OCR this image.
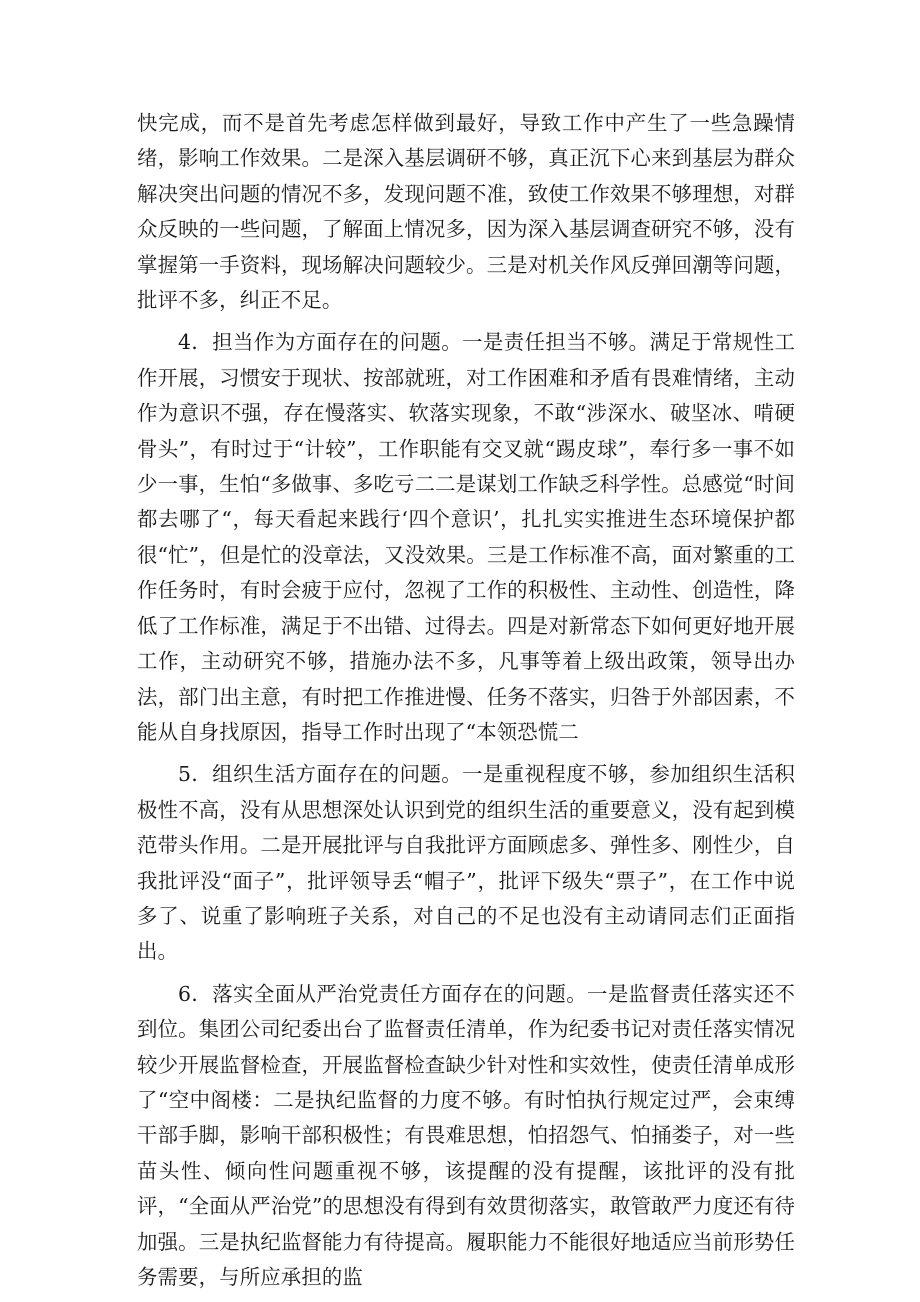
快完成，而不是首先考虑怎样做到最好，导致工作中产生了一些急躁情绪，影响工作效果。二是深入基层调研不够，真正沉下心来到基层为群众解决突出问题的情况不多，发现问题不准，致使工作效果不够理想，对群众反映的一些问题，了解面上情况多，因为深入基层调查研究不够，没有掌握第一手资料，现场解决问题较少。三是对机关作风反弹回潮等问题，批评不多，纠正不足。

4．担当作为方面存在的问题。一是责任担当不够。满足于常规性工作开展，习惯安于现状、按部就班，对工作困难和矛盾有畏难情绪，主动作为意识不强，存在慢落实、软落实现象，不敢“涉深水、破坚冰、啃硬骨头”，有时过于“计较”，工作职能有交叉就“踢皮球”，奉行多一事不如少一事，生怕“多做事、多吃亏二二是谋划工作缺乏科学性。总感觉“时间都去哪了“，每天看起来践行‘四个意识’，扎扎实实推进生态环境保护都很“忙”，但是忙的没章法，又没效果。三是工作标准不高，面对繁重的工作任务时，有时会疲于应付，忽视了工作的积极性、主动性、创造性，降低了工作标准，满足于不出错、过得去。四是对新常态下如何更好地开展工作，主动研究不够，措施办法不多，凡事等着上级出政策，领导出办法，部门出主意，有时把工作推进慢、任务不落实，归咎于外部因素，不能从自身找原因，指导工作时出现了“本领恐慌二

5．组织生活方面存在的问题。一是重视程度不够，参加组织生活积极性不高，没有从思想深处认识到党的组织生活的重要意义，没有起到模范带头作用。二是开展批评与自我批评方面顾虑多、弹性多、刚性少，自我批评没“面子”，批评领导丢“帽子”，批评下级失“票子”，在工作中说多了、说重了影响班子关系，对自己的不足也没有主动请同志们正面指出。

6．落实全面从严治党责任方面存在的问题。一是监督责任落实还不到位。集团公司纪委出台了监督责任清单，作为纪委书记对责任落实情况较少开展监督检查，开展监督检查缺少针对性和实效性，使责任清单成形了“空中阁楼：二是执纪监督的力度不够。有时怕执行规定过严，会束缚干部手脚，影响干部积极性；有畏难思想，怕招怨气、怕捅娄子，对一些苗头性、倾向性问题重视不够，该提醒的没有提醒，该批评的没有批评，“全面从严治党”的思想没有得到有效贯彻落实，敢管敢严力度还有待加强。三是执纪监督能力有待提高。履职能力不能很好地适应当前形势任务需要，与所应承担的监
